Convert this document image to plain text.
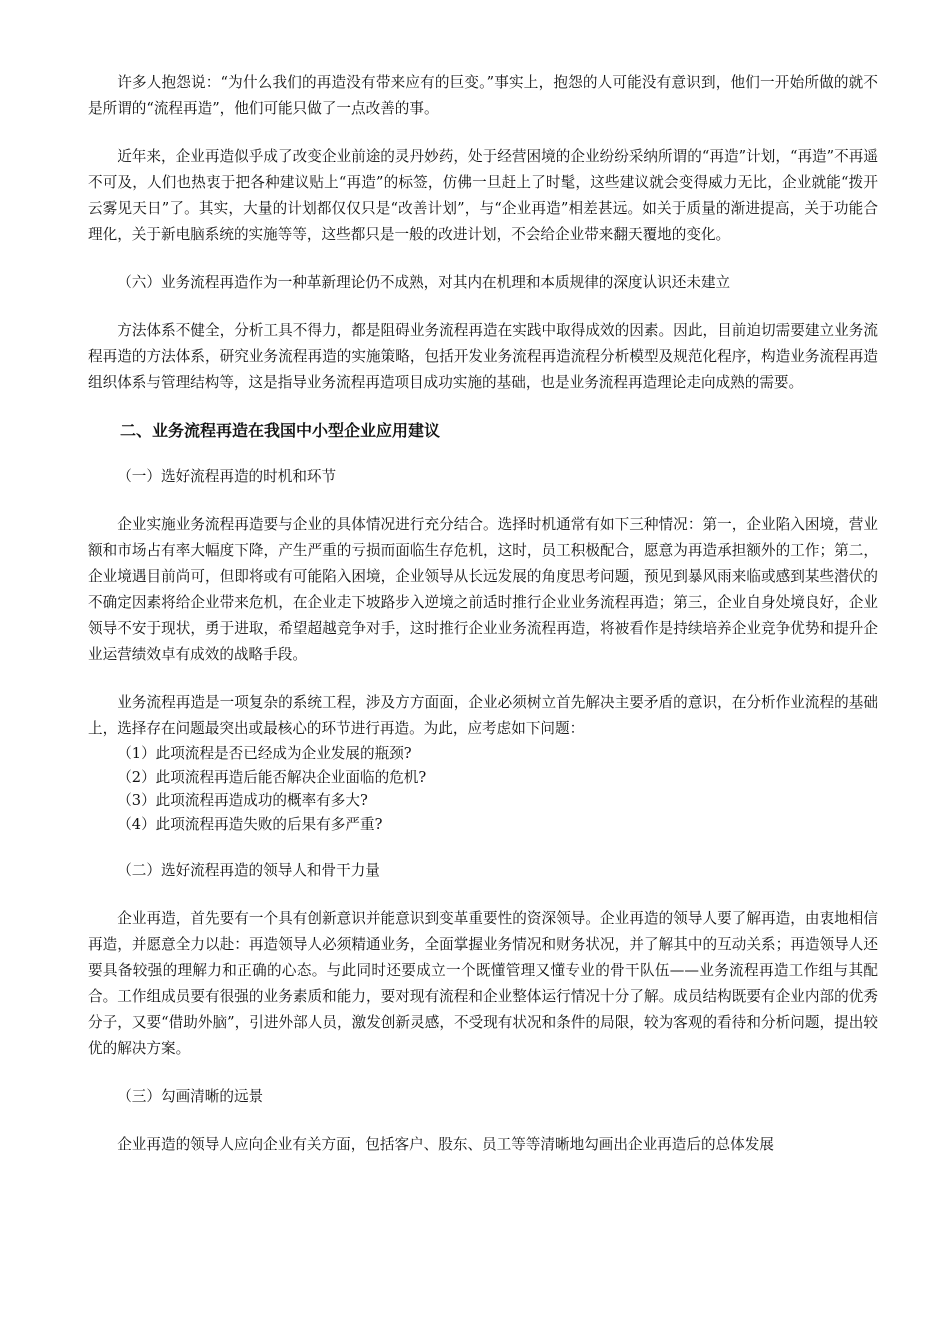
许多人抱怨说：“为什么我们的再造没有带来应有的巨变。”事实上，抱怨的人可能没有意识到，他们一开始所做的就不是所谓的“流程再造”，他们可能只做了一点改善的事。

近年来，企业再造似乎成了改变企业前途的灵丹妙药，处于经营困境的企业纷纷采纳所谓的“再造”计划，“再造”不再遥不可及，人们也热衷于把各种建议贴上“再造”的标签，仿佛一旦赶上了时髦，这些建议就会变得威力无比，企业就能“拨开云雾见天日”了。其实，大量的计划都仅仅只是“改善计划”，与“企业再造”相差甚远。如关于质量的渐进提高，关于功能合理化，关于新电脑系统的实施等等，这些都只是一般的改进计划，不会给企业带来翻天覆地的变化。

（六）业务流程再造作为一种革新理论仍不成熟，对其内在机理和本质规律的深度认识还未建立

方法体系不健全，分析工具不得力，都是阻碍业务流程再造在实践中取得成效的因素。因此，目前迫切需要建立业务流程再造的方法体系，研究业务流程再造的实施策略，包括开发业务流程再造流程分析模型及规范化程序，构造业务流程再造组织体系与管理结构等，这是指导业务流程再造项目成功实施的基础，也是业务流程再造理论走向成熟的需要。

二、业务流程再造在我国中小型企业应用建议

（一）选好流程再造的时机和环节

企业实施业务流程再造要与企业的具体情况进行充分结合。选择时机通常有如下三种情况：第一，企业陷入困境，营业额和市场占有率大幅度下降，产生严重的亏损而面临生存危机，这时，员工积极配合，愿意为再造承担额外的工作；第二，企业境遇目前尚可，但即将或有可能陷入困境，企业领导从长远发展的角度思考问题，预见到暴风雨来临或感到某些潜伏的不确定因素将给企业带来危机，在企业走下坡路步入逆境之前适时推行企业业务流程再造；第三，企业自身处境良好，企业领导不安于现状，勇于进取，希望超越竞争对手，这时推行企业业务流程再造，将被看作是持续培养企业竞争优势和提升企业运营绩效卓有成效的战略手段。

业务流程再造是一项复杂的系统工程，涉及方方面面，企业必须树立首先解决主要矛盾的意识，在分析作业流程的基础上，选择存在问题最突出或最核心的环节进行再造。为此，应考虑如下问题：

（1）此项流程是否已经成为企业发展的瓶颈?
（2）此项流程再造后能否解决企业面临的危机?
（3）此项流程再造成功的概率有多大?
（4）此项流程再造失败的后果有多严重?

（二）选好流程再造的领导人和骨干力量

企业再造，首先要有一个具有创新意识并能意识到变革重要性的资深领导。企业再造的领导人要了解再造，由衷地相信再造，并愿意全力以赴：再造领导人必须精通业务，全面掌握业务情况和财务状况，并了解其中的互动关系；再造领导人还要具备较强的理解力和正确的心态。与此同时还要成立一个既懂管理又懂专业的骨干队伍——业务流程再造工作组与其配合。工作组成员要有很强的业务素质和能力，要对现有流程和企业整体运行情况十分了解。成员结构既要有企业内部的优秀分子，又要“借助外脑”，引进外部人员，激发创新灵感，不受现有状况和条件的局限，较为客观的看待和分析问题，提出较优的解决方案。

（三）勾画清晰的远景

企业再造的领导人应向企业有关方面，包括客户、股东、员工等等清晰地勾画出企业再造后的总体发展
